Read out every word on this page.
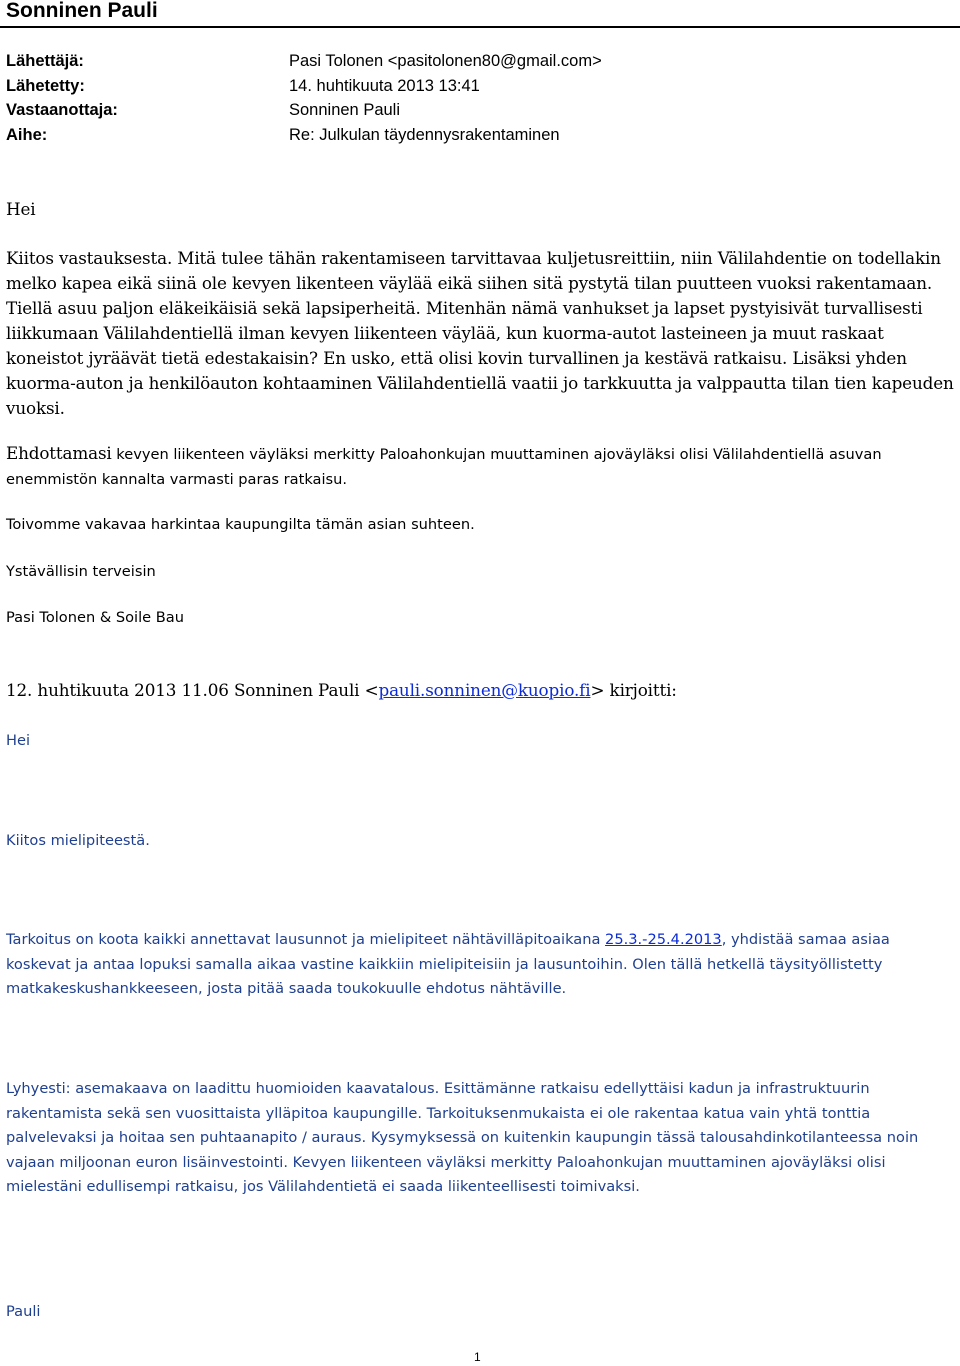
Sonninen Pauli
Lähettäjä:	Pasi Tolonen <pasitolonen80@gmail.com>
Lähetetty:	14. huhtikuuta 2013 13:41
Vastaanottaja:	Sonninen Pauli
Aihe:	Re: Julkulan täydennysrakentaminen

Hei

Kiitos vastauksesta. Mitä tulee tähän rakentamiseen tarvittavaa kuljetusreittiin, niin Välilahdentie on todellakin melko kapea eikä siinä ole kevyen likenteen väylää eikä siihen sitä pystytä tilan puutteen vuoksi rakentamaan. Tiellä asuu paljon eläkeikäisiä sekä lapsiperheitä. Mitenhän nämä vanhukset ja lapset pystyisivät turvallisesti liikkumaan Välilahdentiellä ilman kevyen liikenteen väylää, kun kuorma-autot lasteineen ja muut raskaat koneistot jyräävät tietä edestakaisin? En usko, että olisi kovin turvallinen ja kestävä ratkaisu. Lisäksi yhden kuorma-auton ja henkilöauton kohtaaminen Välilahdentiellä vaatii jo tarkkuutta ja valppautta tilan tien kapeuden vuoksi.

Ehdottamasi kevyen liikenteen väyläksi merkitty Paloahonkujan muuttaminen ajoväyläksi olisi Välilahdentiellä asuvan enemmistön kannalta varmasti paras ratkaisu.

Toivomme vakavaa harkintaa kaupungilta tämän asian suhteen.

Ystävällisin terveisin

Pasi Tolonen & Soile Bau

12. huhtikuuta 2013 11.06 Sonninen Pauli <pauli.sonninen@kuopio.fi> kirjoitti:

Hei

Kiitos mielipiteestä.

Tarkoitus on koota kaikki annettavat lausunnot ja mielipiteet nähtävilläpitoaikana 25.3.-25.4.2013, yhdistää samaa asiaa koskevat ja antaa lopuksi samalla aikaa vastine kaikkiin mielipiteisiin ja lausuntoihin. Olen tällä hetkellä täysityöllistetty matkakeskushankkeeseen, josta pitää saada toukokuulle ehdotus nähtäville.

Lyhyesti: asemakaava on laadittu huomioiden kaavatalous. Esittämänne ratkaisu edellyttäisi kadun ja infrastruktuurin rakentamista sekä sen vuosittaista ylläpitoa kaupungille. Tarkoituksenmukaista ei ole rakentaa katua vain yhtä tonttia palvelevaksi ja hoitaa sen puhtaanapito / auraus. Kysymyksessä on kuitenkin kaupungin tässä talousahdinkotilanteessa noin vajaan miljoonan euron lisäinvestointi. Kevyen liikenteen väyläksi merkitty Paloahonkujan muuttaminen ajoväyläksi olisi mielestäni edullisempi ratkaisu, jos Välilahdentietä ei saada liikenteellisesti toimivaksi.

Pauli

1
